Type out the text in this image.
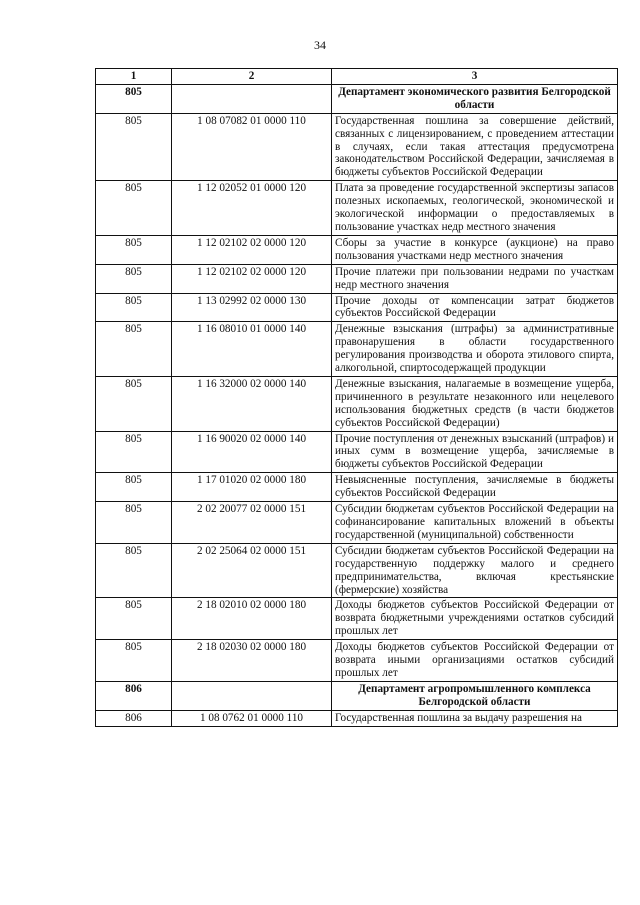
34
1	2	3
805		Департамент экономического развития Белгородской области
805	1 08 07082 01 0000 110	Государственная пошлина за совершение действий, связанных с лицензированием, с проведением аттестации в случаях, если такая аттестация предусмотрена законодательством Российской Федерации, зачисляемая в бюджеты субъектов Российской Федерации
805	1 12 02052 01 0000 120	Плата за проведение государственной экспертизы запасов полезных ископаемых, геологической, экономической и экологической информации о предоставляемых в пользование участках недр местного значения
805	1 12 02102 02 0000 120	Сборы за участие в конкурсе (аукционе) на право пользования участками недр местного значения
805	1 12 02102 02 0000 120	Прочие платежи при пользовании недрами по участкам недр местного значения
805	1 13 02992 02 0000 130	Прочие доходы от компенсации затрат бюджетов субъектов Российской Федерации
805	1 16 08010 01 0000 140	Денежные взыскания (штрафы) за административные правонарушения в области государственного регулирования производства и оборота этилового спирта, алкогольной, спиртосодержащей продукции
805	1 16 32000 02 0000 140	Денежные взыскания, налагаемые в возмещение ущерба, причиненного в результате незаконного или нецелевого использования бюджетных средств (в части бюджетов субъектов Российской Федерации)
805	1 16 90020 02 0000 140	Прочие поступления от денежных взысканий (штрафов) и иных сумм в возмещение ущерба, зачисляемые в бюджеты субъектов Российской Федерации
805	1 17 01020 02 0000 180	Невыясненные поступления, зачисляемые в бюджеты субъектов Российской Федерации
805	2 02 20077 02 0000 151	Субсидии бюджетам субъектов Российской Федерации на софинансирование капитальных вложений в объекты государственной (муниципальной) собственности
805	2 02 25064 02 0000 151	Субсидии бюджетам субъектов Российской Федерации на государственную поддержку малого и среднего предпринимательства, включая крестьянские (фермерские) хозяйства
805	2 18 02010 02 0000 180	Доходы бюджетов субъектов Российской Федерации от возврата бюджетными учреждениями остатков субсидий прошлых лет
805	2 18 02030 02 0000 180	Доходы бюджетов субъектов Российской Федерации от возврата иными организациями остатков субсидий прошлых лет
806		Департамент агропромышленного комплекса Белгородской области
806	1 08 0762 01 0000 110	Государственная пошлина за выдачу разрешения на
